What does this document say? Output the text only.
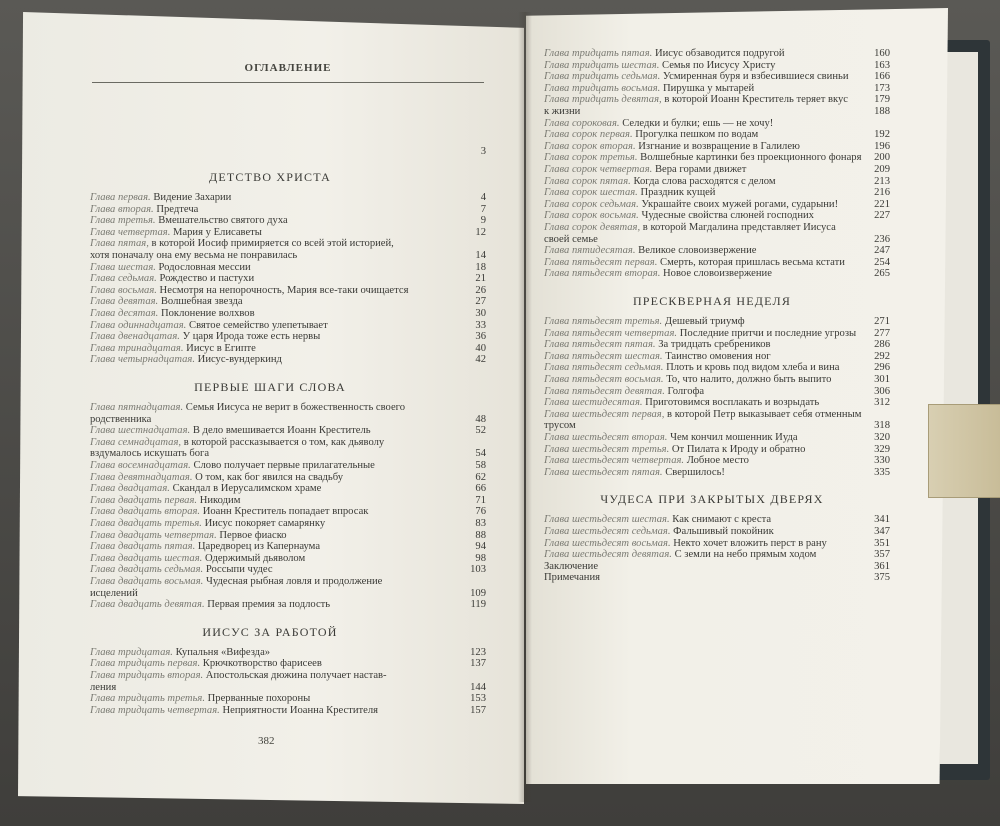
ОГЛАВЛЕНИЕ
3
ДЕТСТВО ХРИСТА
Глава первая. Видение Захарии	4
Глава вторая. Предтеча	7
Глава третья. Вмешательство святого духа	9
Глава четвертая. Мария у Елисаветы	12
Глава пятая, в которой Иосиф примиряется со всей этой историей,
хотя поначалу она ему весьма не понравилась	14
Глава шестая. Родословная мессии	18
Глава седьмая. Рождество и пастухи	21
Глава восьмая. Несмотря на непорочность, Мария все-таки очищается	26
Глава девятая. Волшебная звезда	27
Глава десятая. Поклонение волхвов	30
Глава одиннадцатая. Святое семейство улепетывает	33
Глава двенадцатая. У царя Ирода тоже есть нервы	36
Глава тринадцатая. Иисус в Египте	40
Глава четырнадцатая. Иисус-вундеркинд	42
ПЕРВЫЕ ШАГИ СЛОВА
Глава пятнадцатая. Семья Иисуса не верит в божественность своего
родственника	48
Глава шестнадцатая. В дело вмешивается Иоанн Креститель	52
Глава семнадцатая, в которой рассказывается о том, как дьяволу
вздумалось искушать бога	54
Глава восемнадцатая. Слово получает первые прилагательные	58
Глава девятнадцатая. О том, как бог явился на свадьбу	62
Глава двадцатая. Скандал в Иерусалимском храме	66
Глава двадцать первая. Никодим	71
Глава двадцать вторая. Иоанн Креститель попадает впросак	76
Глава двадцать третья. Иисус покоряет самарянку	83
Глава двадцать четвертая. Первое фиаско	88
Глава двадцать пятая. Царедворец из Капернаума	94
Глава двадцать шестая. Одержимый дьяволом	98
Глава двадцать седьмая. Россыпи чудес	103
Глава двадцать восьмая. Чудесная рыбная ловля и продолжение
исцелений	109
Глава двадцать девятая. Первая премия за подлость	119
ИИСУС ЗА РАБОТОЙ
Глава тридцатая. Купальня «Вифезда»	123
Глава тридцать первая. Крючкотворство фарисеев	137
Глава тридцать вторая. Апостольская дюжина получает настав-
ления	144
Глава тридцать третья. Прерванные похороны	153
Глава тридцать четвертая. Неприятности Иоанна Крестителя	157
Глава тридцать пятая. Иисус обзаводится подругой	160
Глава тридцать шестая. Семья по Иисусу Христу	163
Глава тридцать седьмая. Усмиренная буря и взбесившиеся свиньи	166
Глава тридцать восьмая. Пирушка у мытарей	173
Глава тридцать девятая, в которой Иоанн Креститель теряет вкус	179
к жизни	188
Глава сороковая. Селедки и булки; ешь — не хочу!
Глава сорок первая. Прогулка пешком по водам	192
Глава сорок вторая. Изгнание и возвращение в Галилею	196
Глава сорок третья. Волшебные картинки без проекционного фонаря	200
Глава сорок четвертая. Вера горами движет	209
Глава сорок пятая. Когда слова расходятся с делом	213
Глава сорок шестая. Праздник кущей	216
Глава сорок седьмая. Украшайте своих мужей рогами, сударыни!	221
Глава сорок восьмая. Чудесные свойства слюней господних	227
Глава сорок девятая, в которой Магдалина представляет Иисуса
своей семье	236
Глава пятидесятая. Великое словоизвержение	247
Глава пятьдесят первая. Смерть, которая пришлась весьма кстати	254
Глава пятьдесят вторая. Новое словоизвержение	265
ПРЕСКВЕРНАЯ НЕДЕЛЯ
Глава пятьдесят третья. Дешевый триумф	271
Глава пятьдесят четвертая. Последние притчи и последние угрозы	277
Глава пятьдесят пятая. За тридцать сребреников	286
Глава пятьдесят шестая. Таинство омовения ног	292
Глава пятьдесят седьмая. Плоть и кровь под видом хлеба и вина	296
Глава пятьдесят восьмая. То, что налито, должно быть выпито	301
Глава пятьдесят девятая. Голгофа	306
Глава шестидесятая. Приготовимся восплакать и возрыдать	312
Глава шестьдесят первая, в которой Петр выказывает себя отменным
трусом	318
Глава шестьдесят вторая. Чем кончил мошенник Иуда	320
Глава шестьдесят третья. От Пилата к Ироду и обратно	329
Глава шестьдесят четвертая. Лобное место	330
Глава шестьдесят пятая. Свершилось!	335
ЧУДЕСА ПРИ ЗАКРЫТЫХ ДВЕРЯХ
Глава шестьдесят шестая. Как снимают с креста	341
Глава шестьдесят седьмая. Фальшивый покойник	347
Глава шестьдесят восьмая. Некто хочет вложить перст в рану	351
Глава шестьдесят девятая. С земли на небо прямым ходом	357
Заключение	361
Примечания	375
382
